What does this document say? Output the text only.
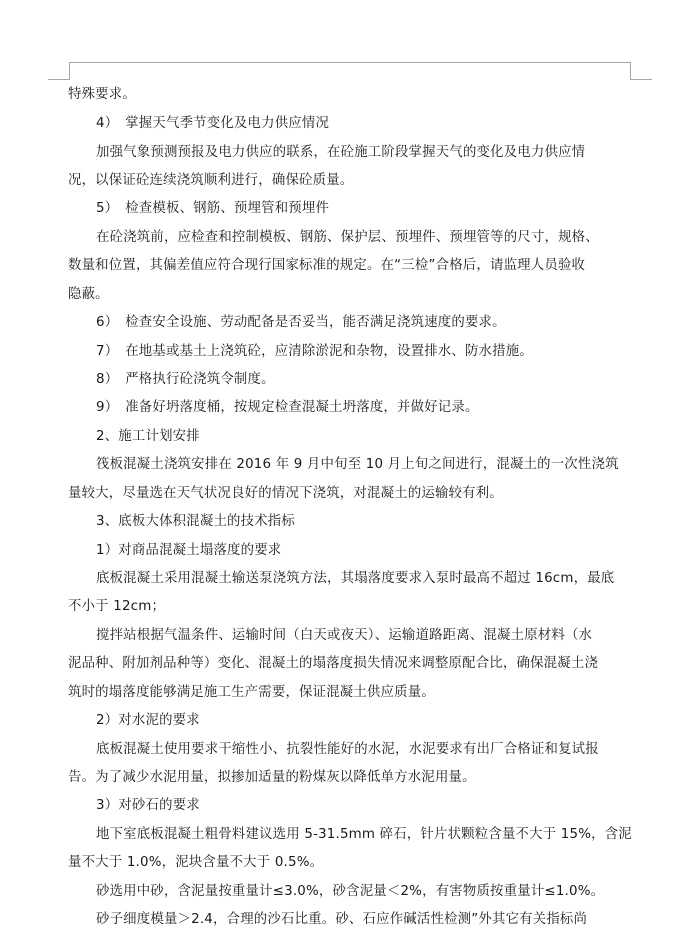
特殊要求。
4）　掌握天气季节变化及电力供应情况
加强气象预测预报及电力供应的联系，在砼施工阶段掌握天气的变化及电力供应情
况，以保证砼连续浇筑顺利进行，确保砼质量。
5）　检查模板、钢筋、预埋管和预埋件
在砼浇筑前，应检查和控制模板、钢筋、保护层、预埋件、预埋管等的尺寸，规格、
数量和位置，其偏差值应符合现行国家标准的规定。在“三检”合格后，请监理人员验收
隐蔽。
6）　检查安全设施、劳动配备是否妥当，能否满足浇筑速度的要求。
7）　在地基或基土上浇筑砼，应清除淤泥和杂物，设置排水、防水措施。
8）　严格执行砼浇筑令制度。
9）　准备好坍落度桶，按规定检查混凝土坍落度，并做好记录。
2、施工计划安排
筏板混凝土浇筑安排在 2016 年 9 月中旬至 10 月上旬之间进行，混凝土的一次性浇筑
量较大，尽量选在天气状况良好的情况下浇筑，对混凝土的运输较有利。
3、底板大体积混凝土的技术指标
1）对商品混凝土塌落度的要求
底板混凝土采用混凝土输送泵浇筑方法，其塌落度要求入泵时最高不超过 16cm，最底
不小于 12cm；
搅拌站根据气温条件、运输时间（白天或夜天）、运输道路距离、混凝土原材料（水
泥品种、附加剂品种等）变化、混凝土的塌落度损失情况来调整原配合比，确保混凝土浇
筑时的塌落度能够满足施工生产需要，保证混凝土供应质量。
2）对水泥的要求
底板混凝土使用要求干缩性小、抗裂性能好的水泥，水泥要求有出厂合格证和复试报
告。为了减少水泥用量，拟掺加适量的粉煤灰以降低单方水泥用量。
3）对砂石的要求
地下室底板混凝土粗骨料建议选用 5-31.5mm 碎石，针片状颗粒含量不大于 15%，含泥
量不大于 1.0%，泥块含量不大于 0.5%。
砂选用中砂，含泥量按重量计≤3.0%，砂含泥量＜2%，有害物质按重量计≤1.0%。
砂子细度模量＞2.4，合理的沙石比重。砂、石应作碱活性检测”外其它有关指标尚
